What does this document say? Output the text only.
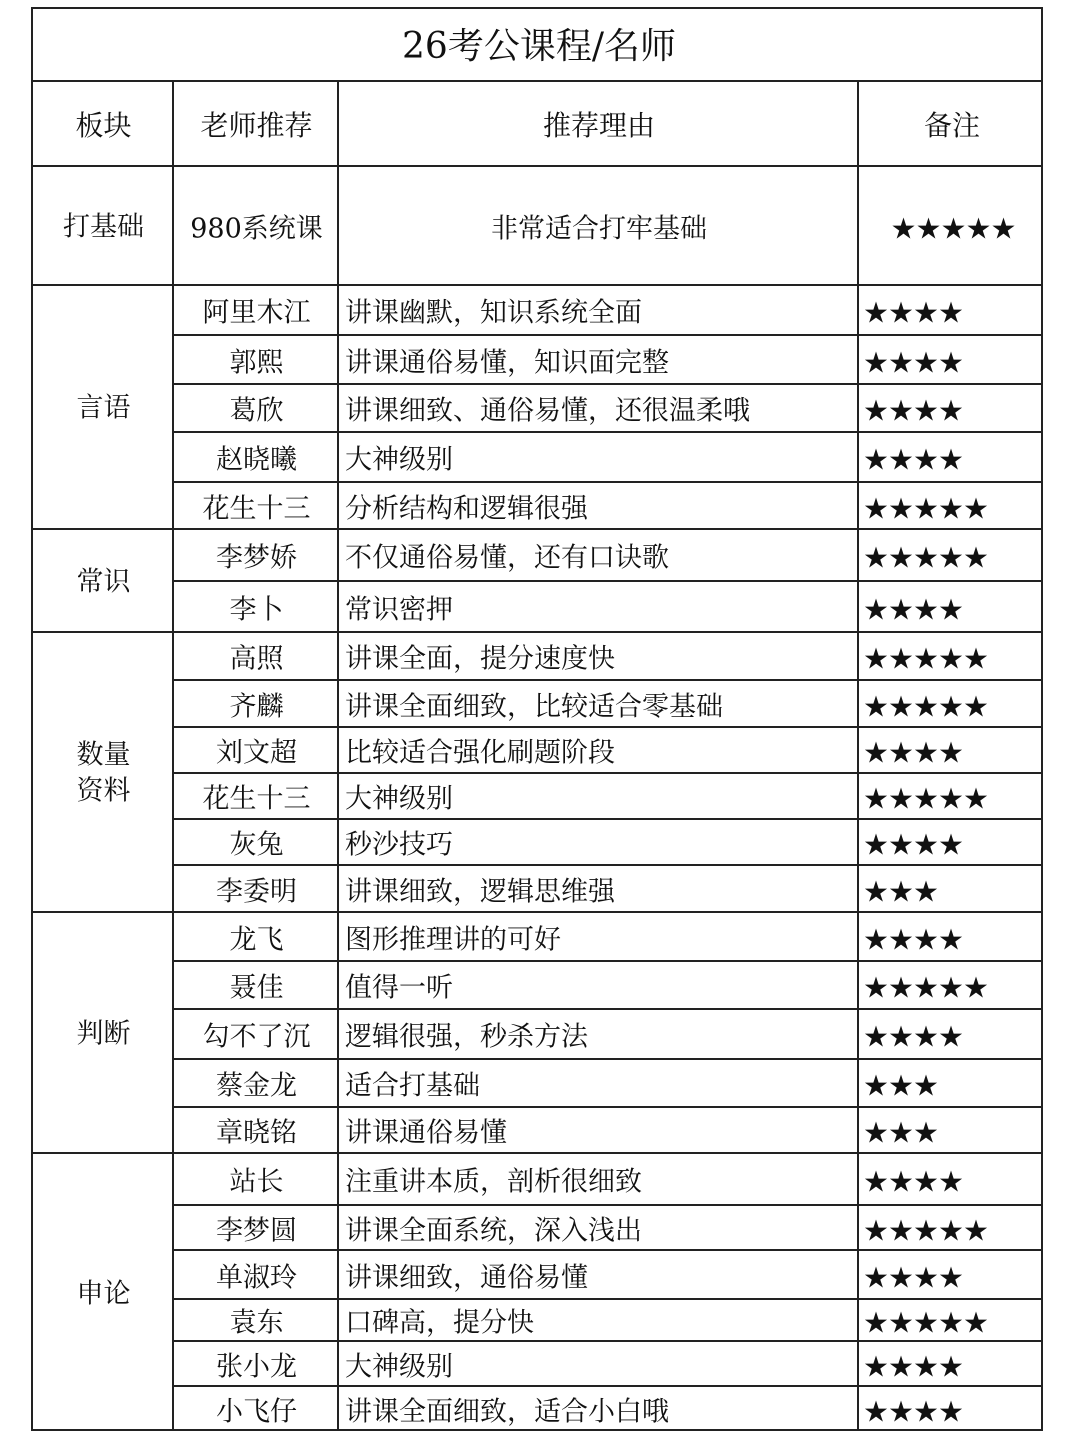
26考公课程/名师
板块 老师推荐	推荐理由	备注
打基础 980系统课	非常适合打牢基础	★★★★★
言语
阿里木江 讲课幽默，知识系统全面	★★★★
郭熙 讲课通俗易懂，知识面完整	★★★★
葛欣 讲课细致、通俗易懂，还很温柔哦	★★★★
赵晓曦 大神级别	★★★★
花生十三 分析结构和逻辑很强	★★★★★
常识
李梦娇 不仅通俗易懂，还有口诀歌	★★★★★
李卜 常识密押	★★★★
数量
资料
高照 讲课全面，提分速度快	★★★★★
齐麟 讲课全面细致，比较适合零基础	★★★★★
刘文超 比较适合强化刷题阶段	★★★★
花生十三 大神级别	★★★★★
灰兔 秒沙技巧	★★★★
李委明 讲课细致，逻辑思维强	★★★
判断
龙飞 图形推理讲的可好	★★★★
聂佳 值得一听	★★★★★
勾不了沉 逻辑很强，秒杀方法	★★★★
蔡金龙 适合打基础	★★★
章晓铭 讲课通俗易懂	★★★
申论
站长 注重讲本质，剖析很细致	★★★★
李梦圆 讲课全面系统，深入浅出	★★★★★
单淑玲 讲课细致，通俗易懂	★★★★
袁东 口碑高，提分快	★★★★★
张小龙 大神级别	★★★★
小飞仔 讲课全面细致，适合小白哦	★★★★
